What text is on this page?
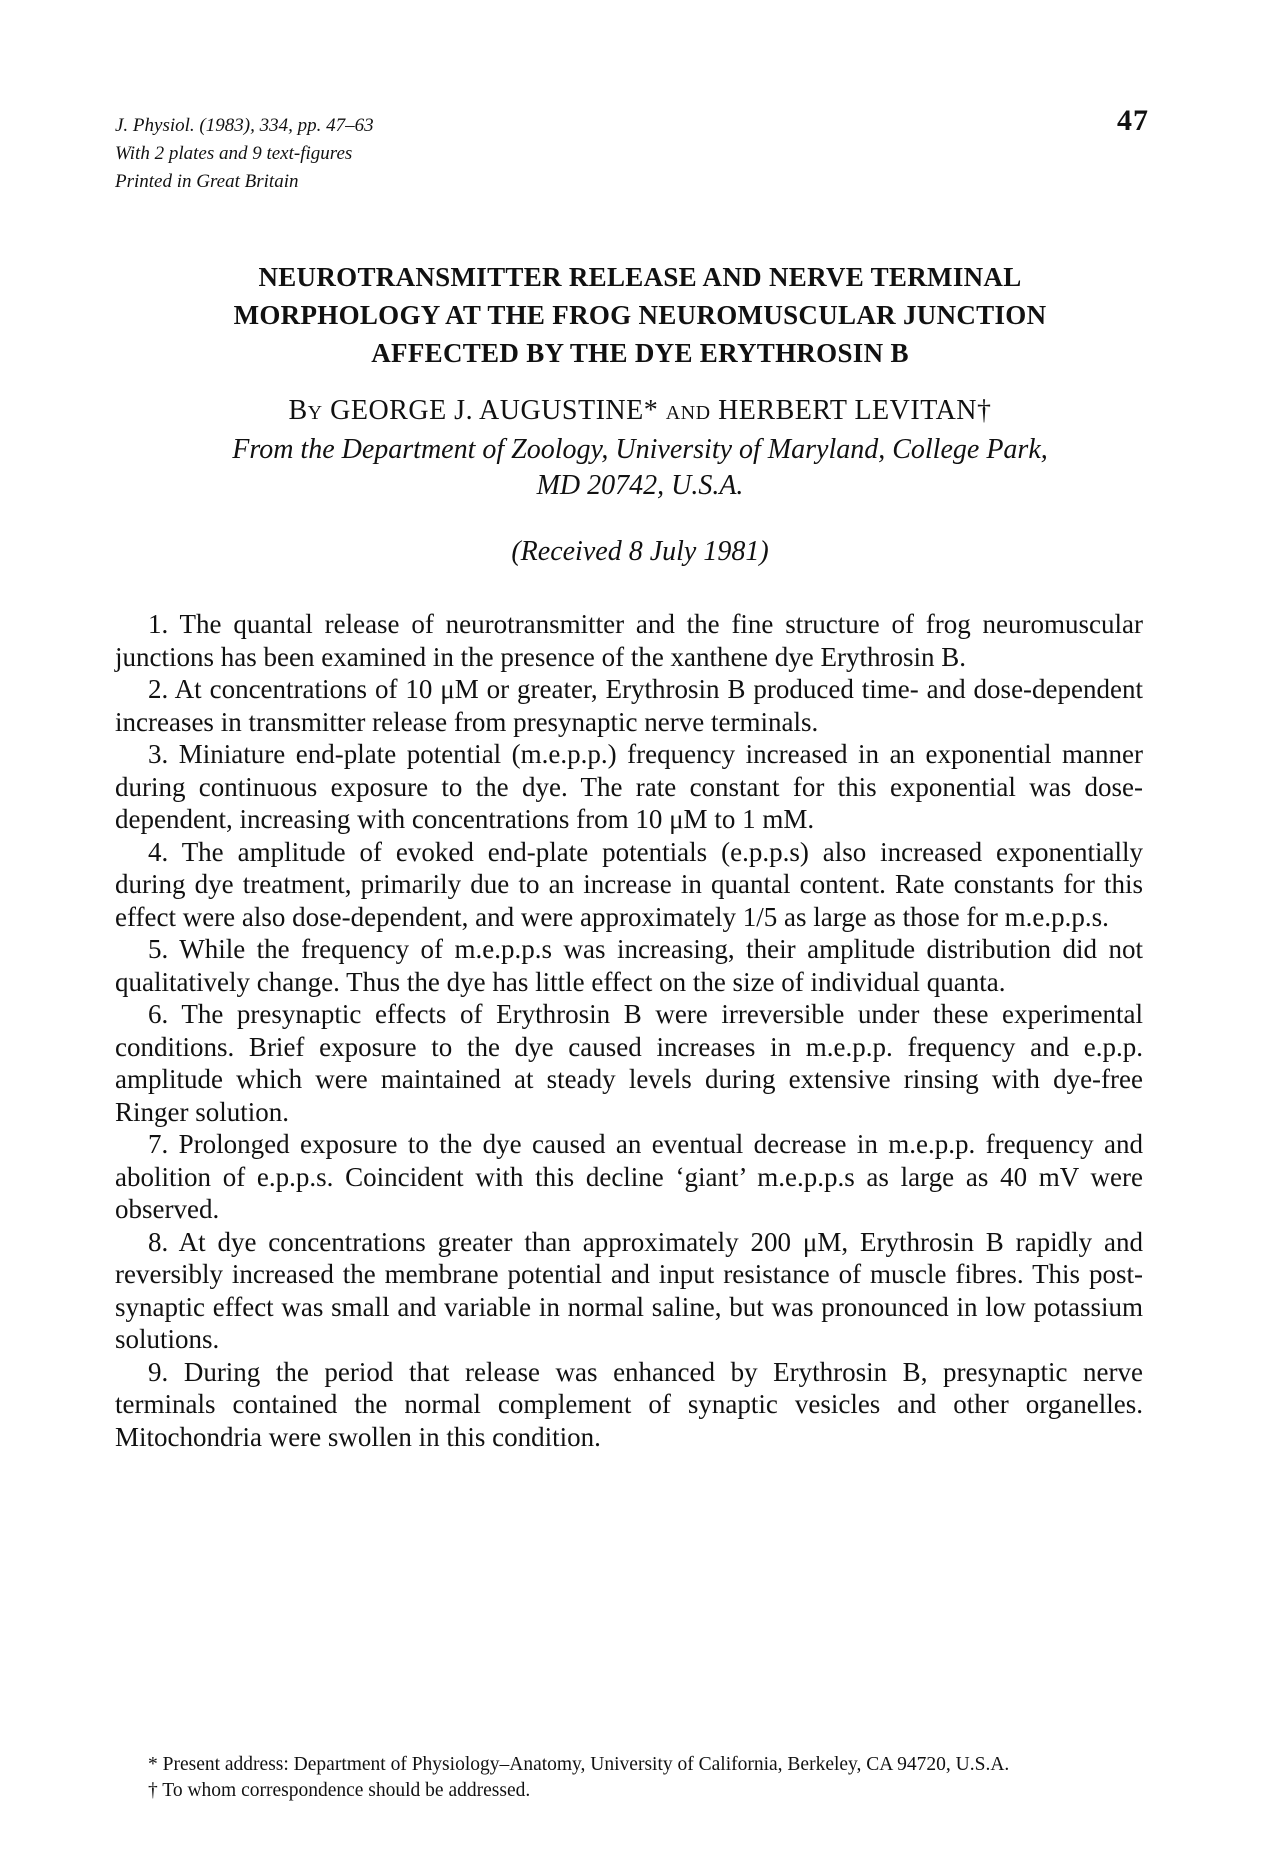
J. Physiol. (1983), 334, pp. 47–63
With 2 plates and 9 text-figures
Printed in Great Britain
47
NEUROTRANSMITTER RELEASE AND NERVE TERMINAL
MORPHOLOGY AT THE FROG NEUROMUSCULAR JUNCTION
AFFECTED BY THE DYE ERYTHROSIN B
BY GEORGE J. AUGUSTINE* AND HERBERT LEVITAN†
From the Department of Zoology, University of Maryland, College Park,
MD 20742, U.S.A.
(Received 8 July 1981)

1. The quantal release of neurotransmitter and the fine structure of frog neuromuscular junctions has been examined in the presence of the xanthene dye Erythrosin B.

2. At concentrations of 10 μM or greater, Erythrosin B produced time- and dose-dependent increases in transmitter release from presynaptic nerve terminals.

3. Miniature end-plate potential (m.e.p.p.) frequency increased in an exponential manner during continuous exposure to the dye. The rate constant for this exponential was dose-dependent, increasing with concentrations from 10 μM to 1 mM.

4. The amplitude of evoked end-plate potentials (e.p.p.s) also increased exponentially during dye treatment, primarily due to an increase in quantal content. Rate constants for this effect were also dose-dependent, and were approximately 1/5 as large as those for m.e.p.p.s.

5. While the frequency of m.e.p.p.s was increasing, their amplitude distribution did not qualitatively change. Thus the dye has little effect on the size of individual quanta.

6. The presynaptic effects of Erythrosin B were irreversible under these experimental conditions. Brief exposure to the dye caused increases in m.e.p.p. frequency and e.p.p. amplitude which were maintained at steady levels during extensive rinsing with dye-free Ringer solution.

7. Prolonged exposure to the dye caused an eventual decrease in m.e.p.p. frequency and abolition of e.p.p.s. Coincident with this decline ‘giant’ m.e.p.p.s as large as 40 mV were observed.

8. At dye concentrations greater than approximately 200 μM, Erythrosin B rapidly and reversibly increased the membrane potential and input resistance of muscle fibres. This post-synaptic effect was small and variable in normal saline, but was pronounced in low potassium solutions.

9. During the period that release was enhanced by Erythrosin B, presynaptic nerve terminals contained the normal complement of synaptic vesicles and other organelles. Mitochondria were swollen in this condition.

* Present address: Department of Physiology–Anatomy, University of California, Berkeley, CA 94720, U.S.A.

† To whom correspondence should be addressed.
